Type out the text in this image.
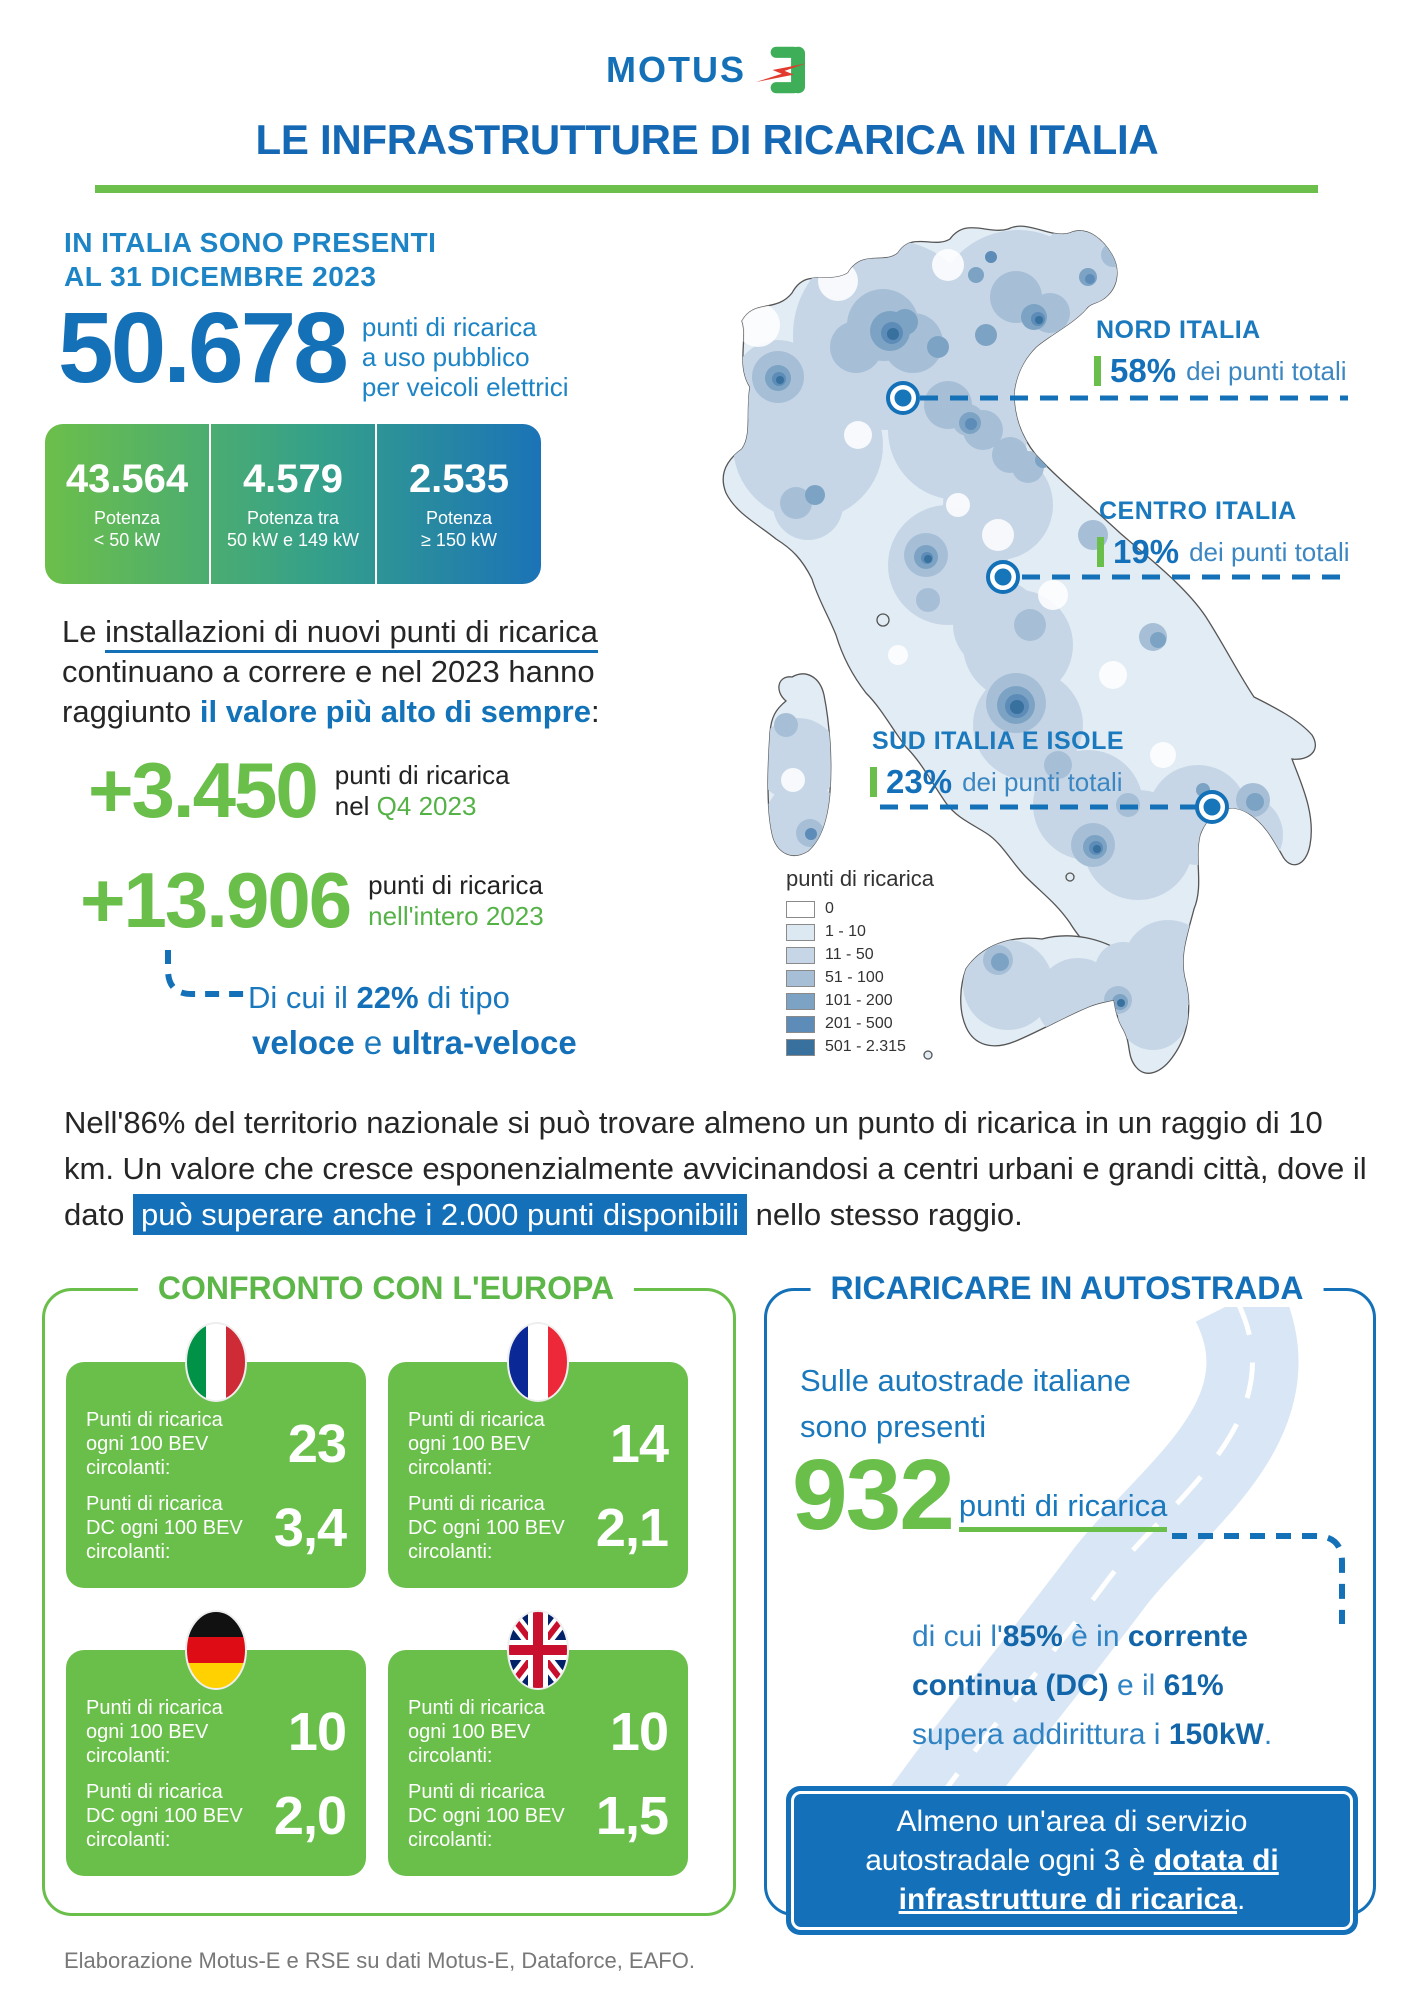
MOTUS
LE INFRASTRUTTURE DI RICARICA IN ITALIA
IN ITALIA SONO PRESENTI
AL 31 DICEMBRE 2023
50.678 punti di ricarica
a uso pubblico
per veicoli elettrici
43.564
Potenza
< 50 kW
4.579
Potenza tra
50 kW e 149 kW
2.535
Potenza
≥ 150 kW
Le installazioni di nuovi punti di ricarica
continuano a correre e nel 2023 hanno
raggiunto il valore più alto di sempre:
+3.450 punti di ricarica
nel Q4 2023
+13.906 punti di ricarica
nell'intero 2023
Di cui il 22% di tipo
veloce e ultra-veloce
NORD ITALIA
58% dei punti totali
CENTRO ITALIA
19% dei punti totali
SUD ITALIA E ISOLE
23% dei punti totali
punti di ricarica
0
1 - 10
11 - 50
51 - 100
101 - 200
201 - 500
501 - 2.315
Nell'86% del territorio nazionale si può trovare almeno un punto di ricarica in un raggio di 10 km. Un valore che cresce esponenzialmente avvicinandosi a centri urbani e grandi città, dove il dato può superare anche i 2.000 punti disponibili nello stesso raggio.
CONFRONTO CON L'EUROPA
Punti di ricarica
ogni 100 BEV
circolanti:	23
Punti di ricarica
DC ogni 100 BEV
circolanti:	3,4
Punti di ricarica
ogni 100 BEV
circolanti:	14
Punti di ricarica
DC ogni 100 BEV
circolanti:	2,1
Punti di ricarica
ogni 100 BEV
circolanti:	10
Punti di ricarica
DC ogni 100 BEV
circolanti:	2,0
Punti di ricarica
ogni 100 BEV
circolanti:	10
Punti di ricarica
DC ogni 100 BEV
circolanti:	1,5
RICARICARE IN AUTOSTRADA
Sulle autostrade italiane
sono presenti
932 punti di ricarica
di cui l'85% è in corrente
continua (DC) e il 61%
supera addirittura i 150kW.
Almeno un'area di servizio
autostradale ogni 3 è dotata di
infrastrutture di ricarica.
Elaborazione Motus-E e RSE su dati Motus-E, Dataforce, EAFO.
